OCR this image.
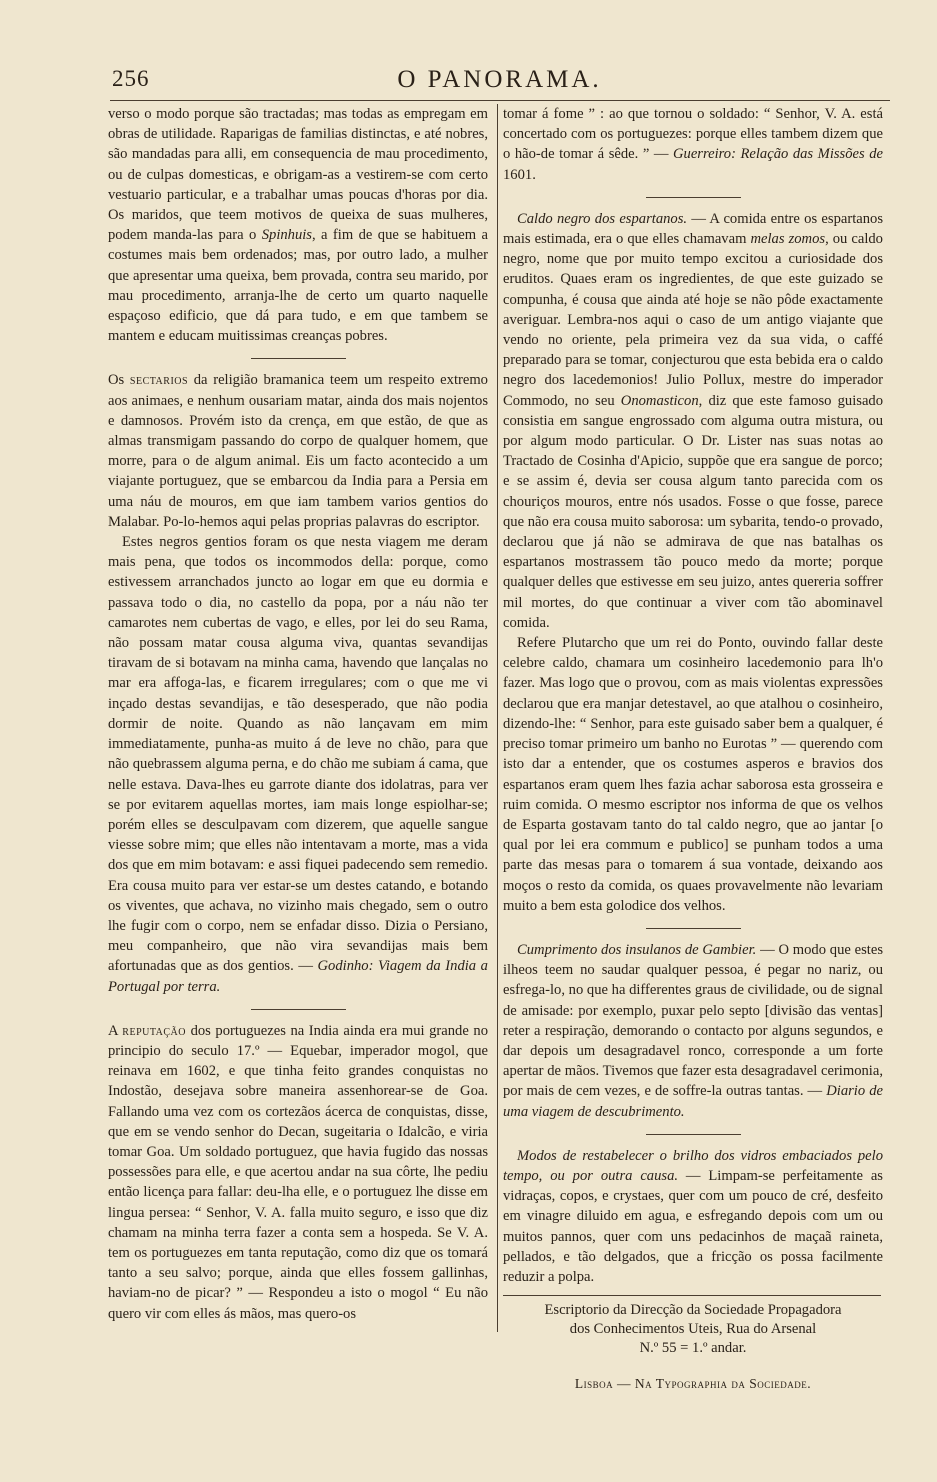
256	O PANORAMA.

verso o modo porque são tractadas; mas todas as empregam em obras de utilidade. Raparigas de familias distinctas, e até nobres, são mandadas para alli, em consequencia de mau procedimento, ou de culpas domesticas, e obrigam-as a vestirem-se com certo vestuario particular, e a trabalhar umas poucas d'horas por dia. Os maridos, que teem motivos de queixa de suas mulheres, podem manda-las para o Spinhuis, a fim de que se habituem a costumes mais bem ordenados; mas, por outro lado, a mulher que apresentar uma queixa, bem provada, contra seu marido, por mau procedimento, arranja-lhe de certo um quarto naquelle espaçoso edificio, que dá para tudo, e em que tambem se mantem e educam muitissimas creanças pobres.

Os sectarios da religião bramanica teem um respeito extremo aos animaes, e nenhum ousariam matar, ainda dos mais nojentos e damnosos. Provém isto da crença, em que estão, de que as almas transmigam passando do corpo de qualquer homem, que morre, para o de algum animal. Eis um facto acontecido a um viajante portuguez, que se embarcou da India para a Persia em uma náu de mouros, em que iam tambem varios gentios do Malabar. Po-lo-hemos aqui pelas proprias palavras do escriptor.

Estes negros gentios foram os que nesta viagem me deram mais pena, que todos os incommodos della: porque, como estivessem arranchados juncto ao logar em que eu dormia e passava todo o dia, no castello da popa, por a náu não ter camarotes nem cubertas de vago, e elles, por lei do seu Rama, não possam matar cousa alguma viva, quantas sevandijas tiravam de si botavam na minha cama, havendo que lançalas no mar era affoga-las, e ficarem irregulares; com o que me vi inçado destas sevandijas, e tão desesperado, que não podia dormir de noite. Quando as não lançavam em mim immediatamente, punha-as muito á de leve no chão, para que não quebrassem alguma perna, e do chão me subiam á cama, que nelle estava. Dava-lhes eu garrote diante dos idolatras, para ver se por evitarem aquellas mortes, iam mais longe espiolhar-se; porém elles se desculpavam com dizerem, que aquelle sangue viesse sobre mim; que elles não intentavam a morte, mas a vida dos que em mim botavam: e assi fiquei padecendo sem remedio. Era cousa muito para ver estar-se um destes catando, e botando os viventes, que achava, no vizinho mais chegado, sem o outro lhe fugir com o corpo, nem se enfadar disso. Dizia o Persiano, meu companheiro, que não vira sevandijas mais bem afortunadas que as dos gentios. — Godinho: Viagem da India a Portugal por terra.

A reputação dos portuguezes na India ainda era mui grande no principio do seculo 17.º — Equebar, imperador mogol, que reinava em 1602, e que tinha feito grandes conquistas no Indostão, desejava sobre maneira assenhorear-se de Goa. Fallando uma vez com os cortezãos ácerca de conquistas, disse, que em se vendo senhor do Decan, sugeitaria o Idalcão, e viria tomar Goa. Um soldado portuguez, que havia fugido das nossas possessões para elle, e que acertou andar na sua côrte, lhe pediu então licença para fallar: deu-lha elle, e o portuguez lhe disse em lingua persea: “ Senhor, V. A. falla muito seguro, e isso que diz chamam na minha terra fazer a conta sem a hospeda. Se V. A. tem os portuguezes em tanta reputação, como diz que os tomará tanto a seu salvo; porque, ainda que elles fossem gallinhas, haviam-no de picar? ” — Respondeu a isto o mogol “ Eu não quero vir com elles ás mãos, mas quero-os

tomar á fome ” : ao que tornou o soldado: “ Senhor, V. A. está concertado com os portuguezes: porque elles tambem dizem que o hão-de tomar á sêde. ” — Guerreiro: Relação das Missões de 1601.

Caldo negro dos espartanos. — A comida entre os espartanos mais estimada, era o que elles chamavam melas zomos, ou caldo negro, nome que por muito tempo excitou a curiosidade dos eruditos. Quaes eram os ingredientes, de que este guizado se compunha, é cousa que ainda até hoje se não pôde exactamente averiguar. Lembra-nos aqui o caso de um antigo viajante que vendo no oriente, pela primeira vez da sua vida, o caffé preparado para se tomar, conjecturou que esta bebida era o caldo negro dos lacedemonios! Julio Pollux, mestre do imperador Commodo, no seu Onomasticon, diz que este famoso guisado consistia em sangue engrossado com alguma outra mistura, ou por algum modo particular. O Dr. Lister nas suas notas ao Tractado de Cosinha d'Apicio, suppõe que era sangue de porco; e se assim é, devia ser cousa algum tanto parecida com os chouriços mouros, entre nós usados. Fosse o que fosse, parece que não era cousa muito saborosa: um sybarita, tendo-o provado, declarou que já não se admirava de que nas batalhas os espartanos mostrassem tão pouco medo da morte; porque qualquer delles que estivesse em seu juizo, antes quereria soffrer mil mortes, do que continuar a viver com tão abominavel comida.

Refere Plutarcho que um rei do Ponto, ouvindo fallar deste celebre caldo, chamara um cosinheiro lacedemonio para lh'o fazer. Mas logo que o provou, com as mais violentas expressões declarou que era manjar detestavel, ao que atalhou o cosinheiro, dizendo-lhe: “ Senhor, para este guisado saber bem a qualquer, é preciso tomar primeiro um banho no Eurotas ” — querendo com isto dar a entender, que os costumes asperos e bravios dos espartanos eram quem lhes fazia achar saborosa esta grosseira e ruim comida. O mesmo escriptor nos informa de que os velhos de Esparta gostavam tanto do tal caldo negro, que ao jantar [o qual por lei era commum e publico] se punham todos a uma parte das mesas para o tomarem á sua vontade, deixando aos moços o resto da comida, os quaes provavelmente não levariam muito a bem esta golodice dos velhos.

Cumprimento dos insulanos de Gambier. — O modo que estes ilheos teem no saudar qualquer pessoa, é pegar no nariz, ou esfrega-lo, no que ha differentes graus de civilidade, ou de signal de amisade: por exemplo, puxar pelo septo [divisão das ventas] reter a respiração, demorando o contacto por alguns segundos, e dar depois um desagradavel ronco, corresponde a um forte apertar de mãos. Tivemos que fazer esta desagradavel cerimonia, por mais de cem vezes, e de soffre-la outras tantas. — Diario de uma viagem de descubrimento.

Modos de restabelecer o brilho dos vidros embaciados pelo tempo, ou por outra causa. — Limpam-se perfeitamente as vidraças, copos, e crystaes, quer com um pouco de cré, desfeito em vinagre diluido em agua, e esfregando depois com um ou muitos pannos, quer com uns pedacinhos de maçaã raineta, pellados, e tão delgados, que a fricção os possa facilmente reduzir a polpa.

Escriptorio da Direcção da Sociedade Propagadora
dos Conhecimentos Uteis, Rua do Arsenal
N.º 55 = 1.º andar.
Lisboa — Na Typographia da Sociedade.
